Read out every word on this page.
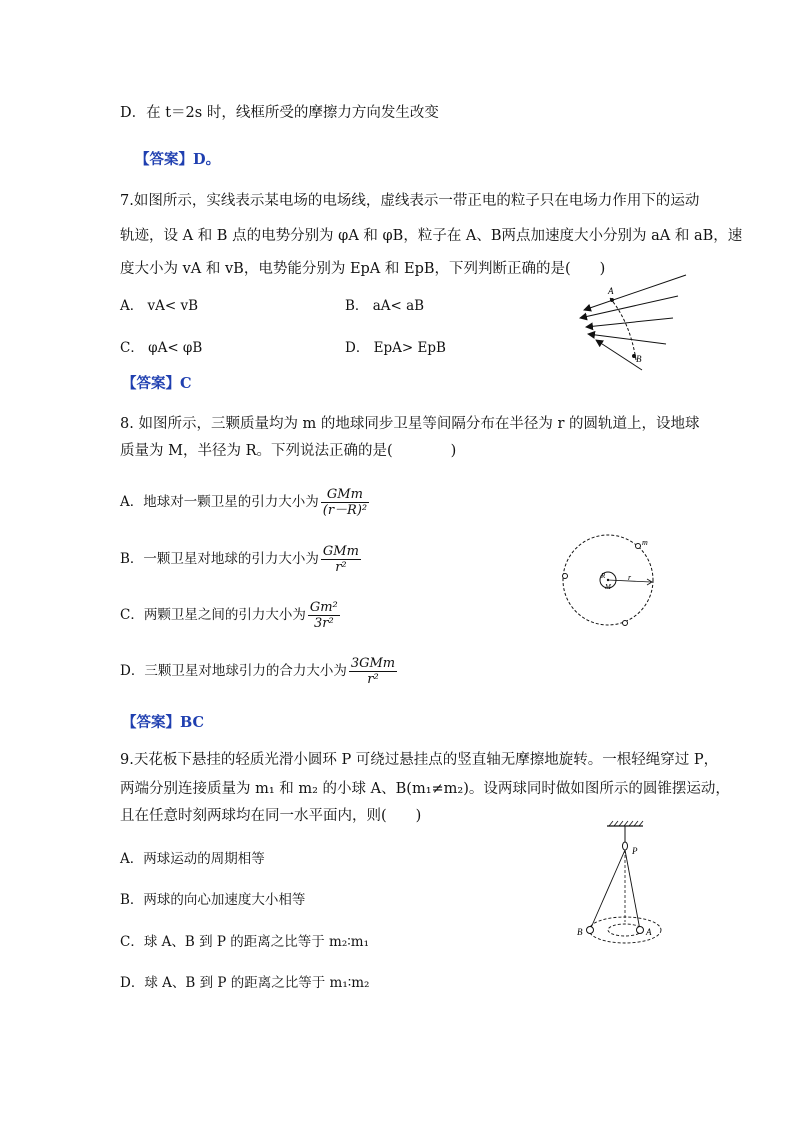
D．在 t＝2s 时，线框所受的摩擦力方向发生改变
【答案】D。
7.如图所示，实线表示某电场的电场线，虚线表示一带正电的粒子只在电场力作用下的运动
轨迹，设 A 和 B 点的电势分别为 φA 和 φB，粒子在 A、B两点加速度大小分别为 aA 和 aB，速
度大小为 vA 和 vB，电势能分别为 EpA 和 EpB，下列判断正确的是(　　)
A． vA< vB	B． aA< aB
C． φA< φB	D． EpA> EpB
A
B
【答案】C
8. 如图所示，三颗质量均为 m 的地球同步卫星等间隔分布在半径为 r 的圆轨道上，设地球
质量为 M，半径为 R。下列说法正确的是(　　　　)
A．地球对一颗卫星的引力大小为 $\frac{\text{GMm}}{\text{(r－R)²}}$
B．一颗卫星对地球的引力大小为 $\frac{\text{GMm}}{\text{r²}}$
C．两颗卫星之间的引力大小为 $\frac{\text{Gm²}}{\text{3r²}}$
D．三颗卫星对地球引力的合力大小为 $\frac{\text{3GMm}}{\text{r²}}$
m
R
M
r
【答案】BC
9.天花板下悬挂的轻质光滑小圆环 P 可绕过悬挂点的竖直轴无摩擦地旋转。一根轻绳穿过 P，
两端分别连接质量为 m₁ 和 m₂ 的小球 A、B(m₁≠m₂)。设两球同时做如图所示的圆锥摆运动，
且在任意时刻两球均在同一水平面内，则(　　)
A．两球运动的周期相等
B．两球的向心加速度大小相等
C．球 A、B 到 P 的距离之比等于 m₂∶m₁
D．球 A、B 到 P 的距离之比等于 m₁∶m₂
P
B	A
